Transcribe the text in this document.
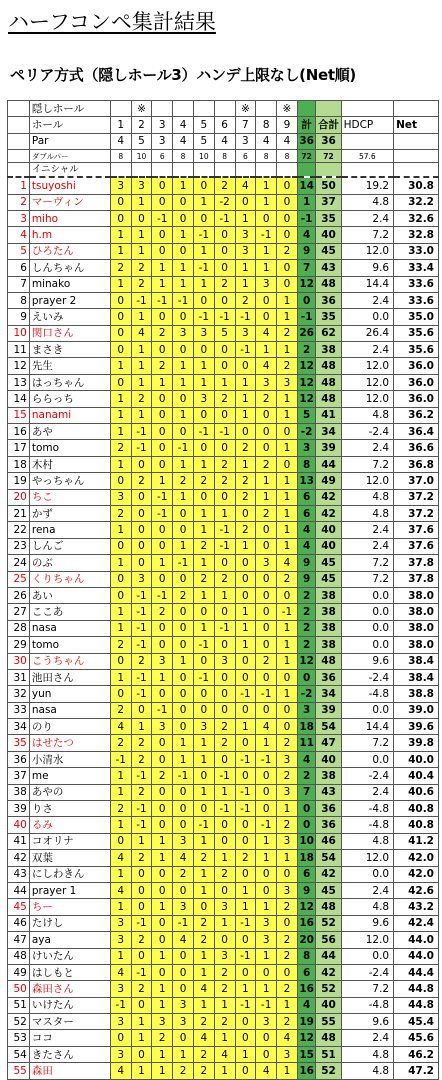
ハーフコンペ集計結果
ペリア方式（隠しホール3）ハンデ上限なし(Net順)
	隠しホール		※					※		※				
	ホール	1	2	3	4	5	6	7	8	9	計	合計	HDCP	Net
	Par	4	5	3	4	5	4	3	4	4	36	36		
	ダブルパー	8	10	6	8	10	8	6	8	8	72	72	57.6	
	イニシャル													
1	tsuyoshi	3	3	0	1	0	2	4	1	0	14	50	19.2	30.8
2	マーヴィン	0	1	0	0	1	-2	0	1	0	1	37	4.8	32.2
3	miho	0	0	-1	0	0	-1	1	0	0	-1	35	2.4	32.6
4	h.m	1	1	0	1	-1	0	3	-1	0	4	40	7.2	32.8
5	ひろたん	1	1	0	0	1	0	3	1	2	9	45	12.0	33.0
6	しんちゃん	2	2	1	1	-1	0	1	1	0	7	43	9.6	33.4
7	minako	1	2	1	1	1	2	1	3	0	12	48	14.4	33.6
8	prayer 2	0	-1	-1	-1	0	0	2	0	1	0	36	2.4	33.6
9	えいみ	0	1	0	0	-1	-1	-1	0	1	-1	35	0.0	35.0
10	関口さん	0	4	2	3	3	5	3	4	2	26	62	26.4	35.6
11	まさき	0	1	0	0	0	0	-1	1	1	2	38	2.4	35.6
12	先生	1	1	2	1	1	0	0	4	2	12	48	12.0	36.0
13	はっちゃん	0	1	1	1	1	1	1	3	3	12	48	12.0	36.0
14	ららっち	1	2	0	0	3	2	1	2	1	12	48	12.0	36.0
15	nanami	1	1	0	1	0	0	1	0	1	5	41	4.8	36.2
16	あや	1	-1	0	0	-1	-1	0	0	0	-2	34	-2.4	36.4
17	tomo	2	-1	0	-1	0	0	2	0	1	3	39	2.4	36.6
18	木村	1	0	0	1	1	2	1	2	0	8	44	7.2	36.8
19	やっちゃん	0	2	1	2	2	2	2	1	1	13	49	12.0	37.0
20	ちこ	3	0	-1	1	0	0	2	1	1	6	42	4.8	37.2
21	かず	2	0	-1	0	1	1	0	2	1	6	42	4.8	37.2
22	rena	1	0	0	0	1	-1	2	0	1	4	40	2.4	37.6
23	しんご	0	0	0	1	2	-1	1	0	1	4	40	2.4	37.6
24	のぶ	1	0	1	-1	1	0	0	3	4	9	45	7.2	37.8
25	くりちゃん	0	3	0	0	2	2	0	0	2	9	45	7.2	37.8
26	あい	0	-1	-1	2	1	1	0	0	0	2	38	0.0	38.0
27	ここあ	1	-1	2	0	0	0	1	0	-1	2	38	0.0	38.0
28	nasa	1	-1	0	0	1	-1	1	0	1	2	38	0.0	38.0
29	tomo	2	-1	0	0	-1	0	1	0	1	2	38	0.0	38.0
30	こうちゃん	0	2	3	1	0	3	0	2	1	12	48	9.6	38.4
31	池田さん	1	-1	1	0	-1	0	0	0	0	0	36	-2.4	38.4
32	yun	0	-1	0	0	0	0	-1	-1	1	-2	34	-4.8	38.8
33	nasa	2	0	-1	0	0	0	0	0	0	3	39	0.0	39.0
34	のり	4	1	3	0	3	2	1	4	0	18	54	14.4	39.6
35	はせたつ	2	2	0	1	1	2	0	1	2	11	47	7.2	39.8
36	小清水	-1	2	0	1	1	0	-1	-1	3	4	40	0.0	40.0
37	me	1	-1	2	-1	0	-1	0	0	2	2	38	-2.4	40.4
38	あやの	1	2	0	0	1	1	-1	0	3	7	43	2.4	40.6
39	りさ	2	-1	0	0	0	-1	-1	0	1	0	36	-4.8	40.8
40	るみ	1	-1	0	0	-1	0	0	-1	2	0	36	-4.8	40.8
41	コオリナ	0	1	1	3	1	0	0	1	3	10	46	4.8	41.2
42	双葉	4	2	1	4	2	1	2	1	1	18	54	12.0	42.0
43	にしわきん	1	0	0	2	1	2	0	0	0	6	42	0.0	42.0
44	prayer 1	4	0	0	0	1	0	1	0	3	9	45	2.4	42.6
45	ちー	1	0	1	3	0	3	1	1	2	12	48	4.8	43.2
46	たけし	3	-1	0	-1	2	1	-1	3	0	16	52	9.6	42.4
47	aya	3	2	0	4	2	0	0	3	2	20	56	12.0	44.0
48	けいたん	1	0	1	0	1	3	-1	1	2	8	44	0.0	44.0
49	はしもと	4	-1	0	0	1	2	0	0	0	6	42	-2.4	44.4
50	森田さん	3	2	1	0	4	2	1	1	2	16	52	7.2	44.8
51	いけたん	-1	0	1	3	1	1	-1	-1	1	4	40	-4.8	44.8
52	マスター	3	1	3	3	2	2	0	3	2	19	55	9.6	45.4
53	ココ	0	1	2	0	4	1	0	0	4	12	48	2.4	45.6
54	きたさん	3	0	1	1	2	4	1	0	3	15	51	4.8	46.2
55	森田	4	1	1	2	2	1	0	4	1	16	52	4.8	47.2
